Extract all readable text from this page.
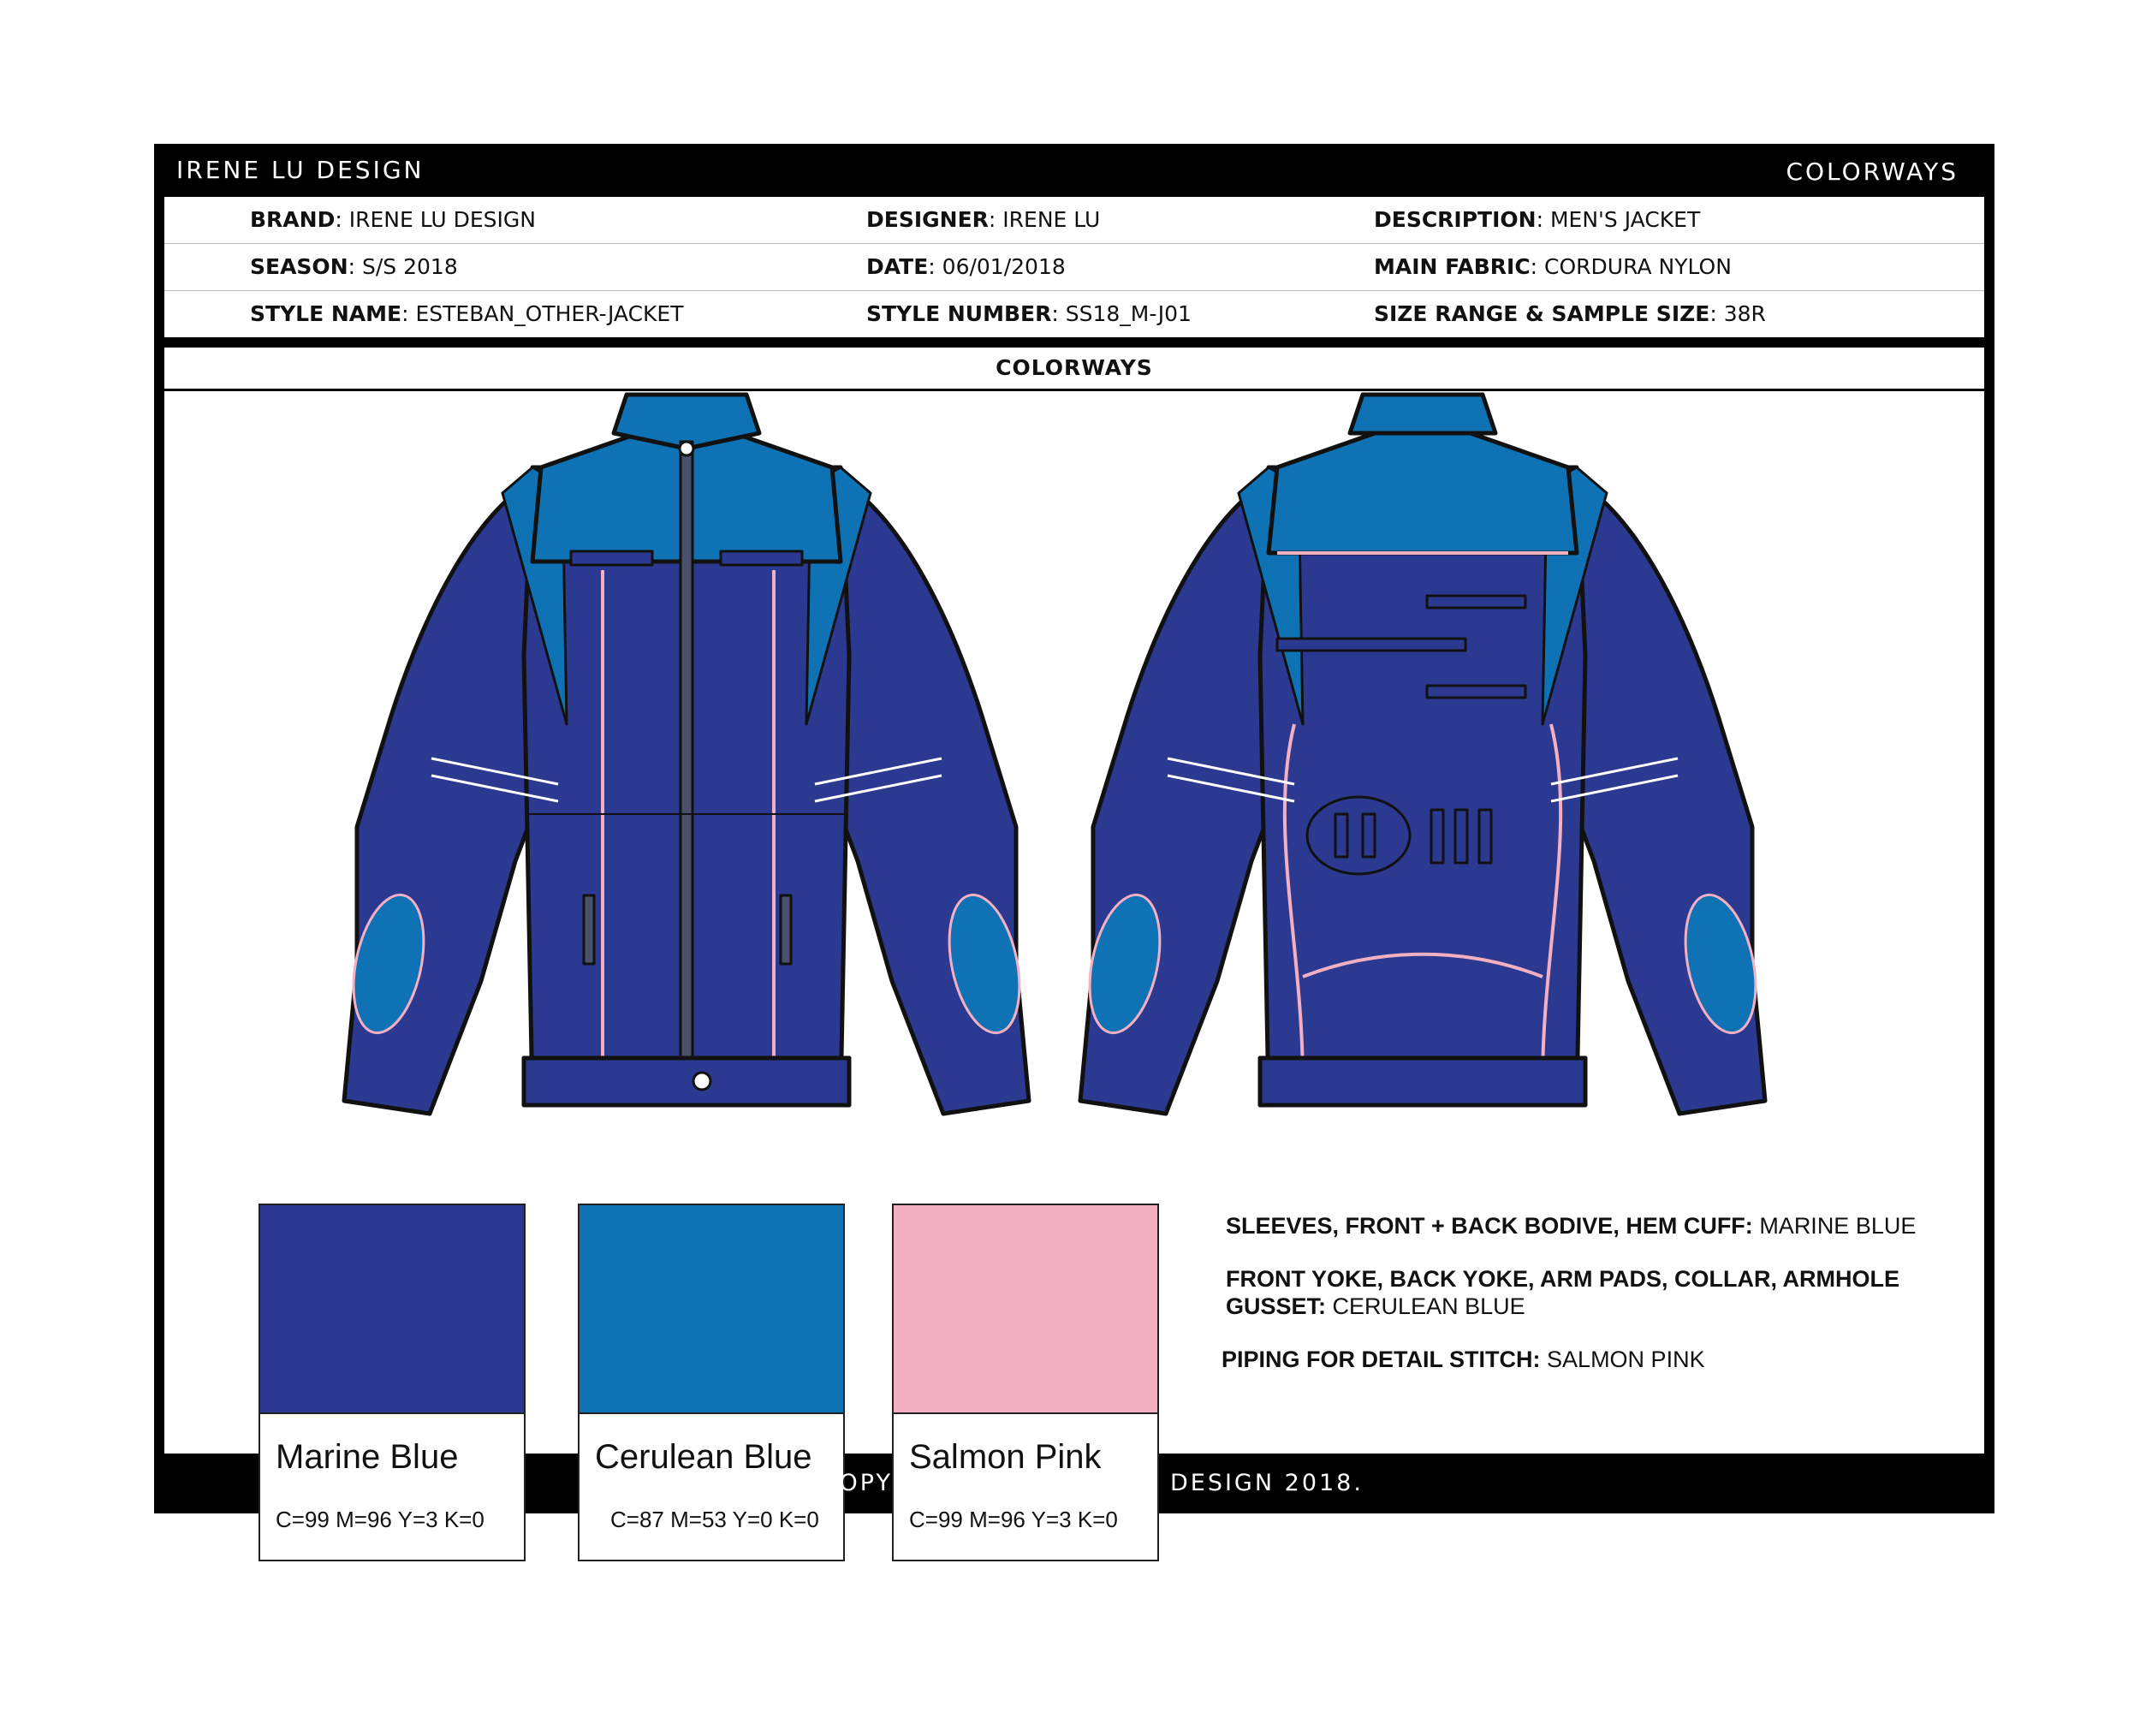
IRENE LU DESIGN	COLORWAYS
BRAND: IRENE LU DESIGN	DESIGNER: IRENE LU	DESCRIPTION: MEN'S JACKET
SEASON: S/S 2018	DATE: 06/01/2018	MAIN FABRIC: CORDURA NYLON
STYLE NAME: ESTEBAN_OTHER-JACKET	STYLE NUMBER: SS18_M-J01	SIZE RANGE & SAMPLE SIZE: 38R
COLORWAYS
Marine Blue
C=99 M=96 Y=3 K=0
Cerulean Blue
C=87 M=53 Y=0 K=0
Salmon Pink
C=99 M=96 Y=3 K=0

SLEEVES, FRONT + BACK BODIVE, HEM CUFF: MARINE BLUE

FRONT YOKE, BACK YOKE, ARM PADS, COLLAR, ARMHOLE GUSSET: CERULEAN BLUE

PIPING FOR DETAIL STITCH: SALMON PINK

© COPYRIGHT OF IRENE LU DESIGN 2018.
